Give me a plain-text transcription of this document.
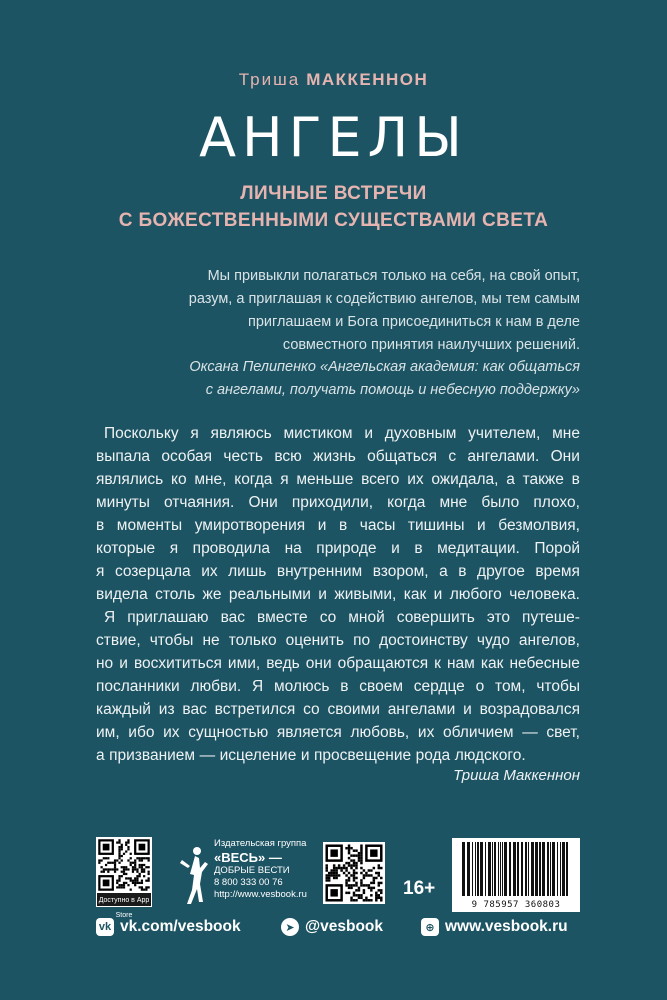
Триша МАККЕННОН
АНГЕЛЫ
ЛИЧНЫЕ ВСТРЕЧИ
С БОЖЕСТВЕННЫМИ СУЩЕСТВАМИ СВЕТА
Мы привыкли полагаться только на себя, на свой опыт,
разум, а приглашая к содействию ангелов, мы тем самым
приглашаем и Бога присоединиться к нам в деле
совместного принятия наилучших решений.
Оксана Пелипенко «Ангельская академия: как общаться
с ангелами, получать помощь и небесную поддержку»
Поскольку я являюсь мистиком и духовным учителем, мне
выпала особая честь всю жизнь общаться с ангелами. Они
являлись ко мне, когда я меньше всего их ожидала, а также в
минуты отчаяния. Они приходили, когда мне было плохо,
в моменты умиротворения и в часы тишины и безмолвия,
которые я проводила на природе и в медитации. Порой
я созерцала их лишь внутренним взором, а в другое время
видела столь же реальными и живыми, как и любого человека.
Я приглашаю вас вместе со мной совершить это путеше-
ствие, чтобы не только оценить по достоинству чудо ангелов,
но и восхититься ими, ведь они обращаются к нам как небесные
посланники любви. Я молюсь в своем сердце о том, чтобы
каждый из вас встретился со своими ангелами и возрадовался
им, ибо их сущностью является любовь, их обличием — свет,
а призванием — исцеление и просвещение рода людского.
Триша Маккеннон
Доступно в App Store
Издательская группа
«ВЕСЬ» —
ДОБРЫЕ ВЕСТИ
8 800 333 00 76
http://www.vesbook.ru	16+
9 785957 360803
vk vk.com/vesbook	➤ @vesbook	⊕ www.vesbook.ru
